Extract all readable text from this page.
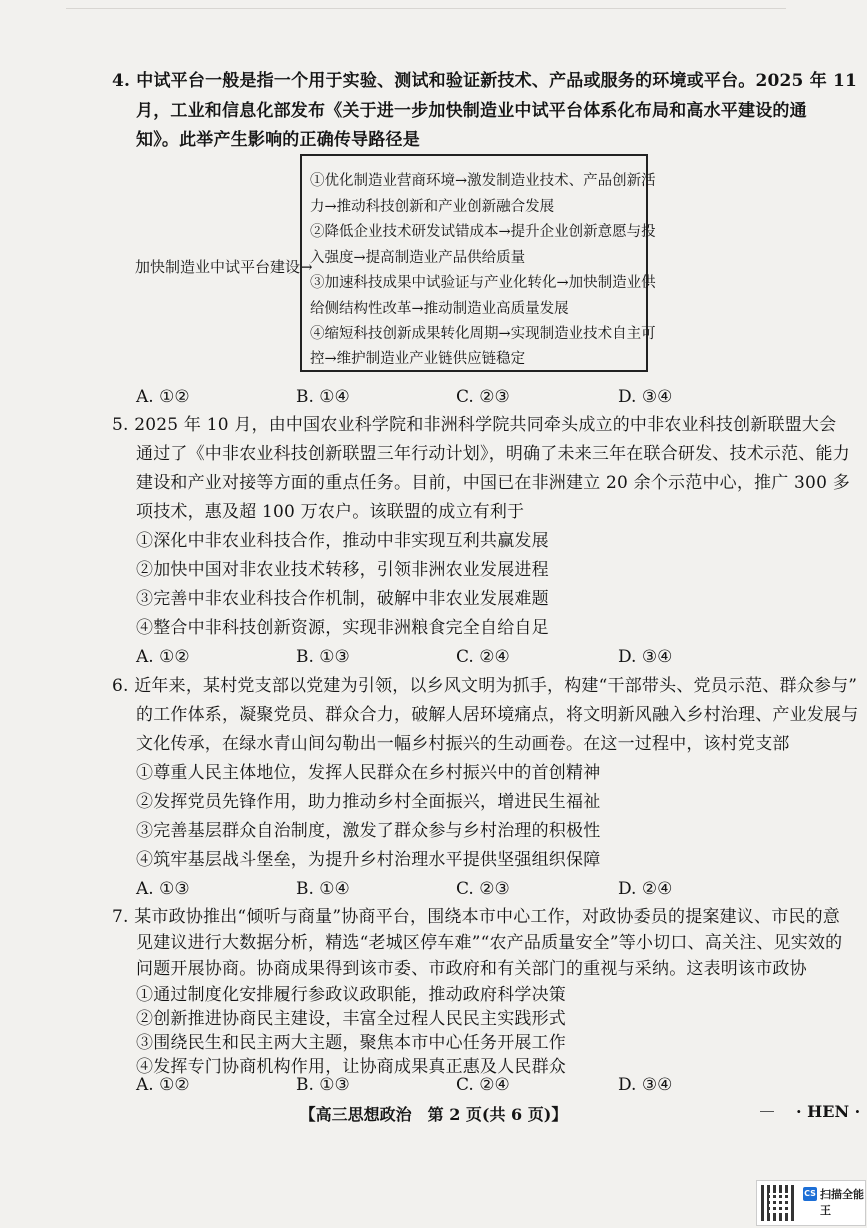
4. 中试平台一般是指一个用于实验、测试和验证新技术、产品或服务的环境或平台。2025 年 11
月，工业和信息化部发布《关于进一步加快制造业中试平台体系化布局和高水平建设的通
知》。此举产生影响的正确传导路径是
加快制造业中试平台建设→
①优化制造业营商环境→激发制造业技术、产品创新活
力→推动科技创新和产业创新融合发展
②降低企业技术研发试错成本→提升企业创新意愿与投
入强度→提高制造业产品供给质量
③加速科技成果中试验证与产业化转化→加快制造业供
给侧结构性改革→推动制造业高质量发展
④缩短科技创新成果转化周期→实现制造业技术自主可
控→维护制造业产业链供应链稳定
A. ①②	B. ①④	C. ②③	D. ③④
5. 2025 年 10 月，由中国农业科学院和非洲科学院共同牵头成立的中非农业科技创新联盟大会
通过了《中非农业科技创新联盟三年行动计划》，明确了未来三年在联合研发、技术示范、能力
建设和产业对接等方面的重点任务。目前，中国已在非洲建立 20 余个示范中心，推广 300 多
项技术，惠及超 100 万农户。该联盟的成立有利于
①深化中非农业科技合作，推动中非实现互利共赢发展
②加快中国对非农业技术转移，引领非洲农业发展进程
③完善中非农业科技合作机制，破解中非农业发展难题
④整合中非科技创新资源，实现非洲粮食完全自给自足
A. ①②	B. ①③	C. ②④	D. ③④
6. 近年来，某村党支部以党建为引领，以乡风文明为抓手，构建“干部带头、党员示范、群众参与”
的工作体系，凝聚党员、群众合力，破解人居环境痛点，将文明新风融入乡村治理、产业发展与
文化传承，在绿水青山间勾勒出一幅乡村振兴的生动画卷。在这一过程中，该村党支部
①尊重人民主体地位，发挥人民群众在乡村振兴中的首创精神
②发挥党员先锋作用，助力推动乡村全面振兴，增进民生福祉
③完善基层群众自治制度，激发了群众参与乡村治理的积极性
④筑牢基层战斗堡垒，为提升乡村治理水平提供坚强组织保障
A. ①③	B. ①④	C. ②③	D. ②④
7. 某市政协推出“倾听与商量”协商平台，围绕本市中心工作，对政协委员的提案建议、市民的意
见建议进行大数据分析，精选“老城区停车难”“农产品质量安全”等小切口、高关注、见实效的
问题开展协商。协商成果得到该市委、市政府和有关部门的重视与采纳。这表明该市政协
①通过制度化安排履行参政议政职能，推动政府科学决策
②创新推进协商民主建设，丰富全过程人民民主实践形式
③围绕民生和民主两大主题，聚焦本市中心任务开展工作
④发挥专门协商机构作用，让协商成果真正惠及人民群众
A. ①②	B. ①③	C. ②④	D. ③④
【高三思想政治　第 2 页(共 6 页)】	· HEN ·
CS 扫描全能王
